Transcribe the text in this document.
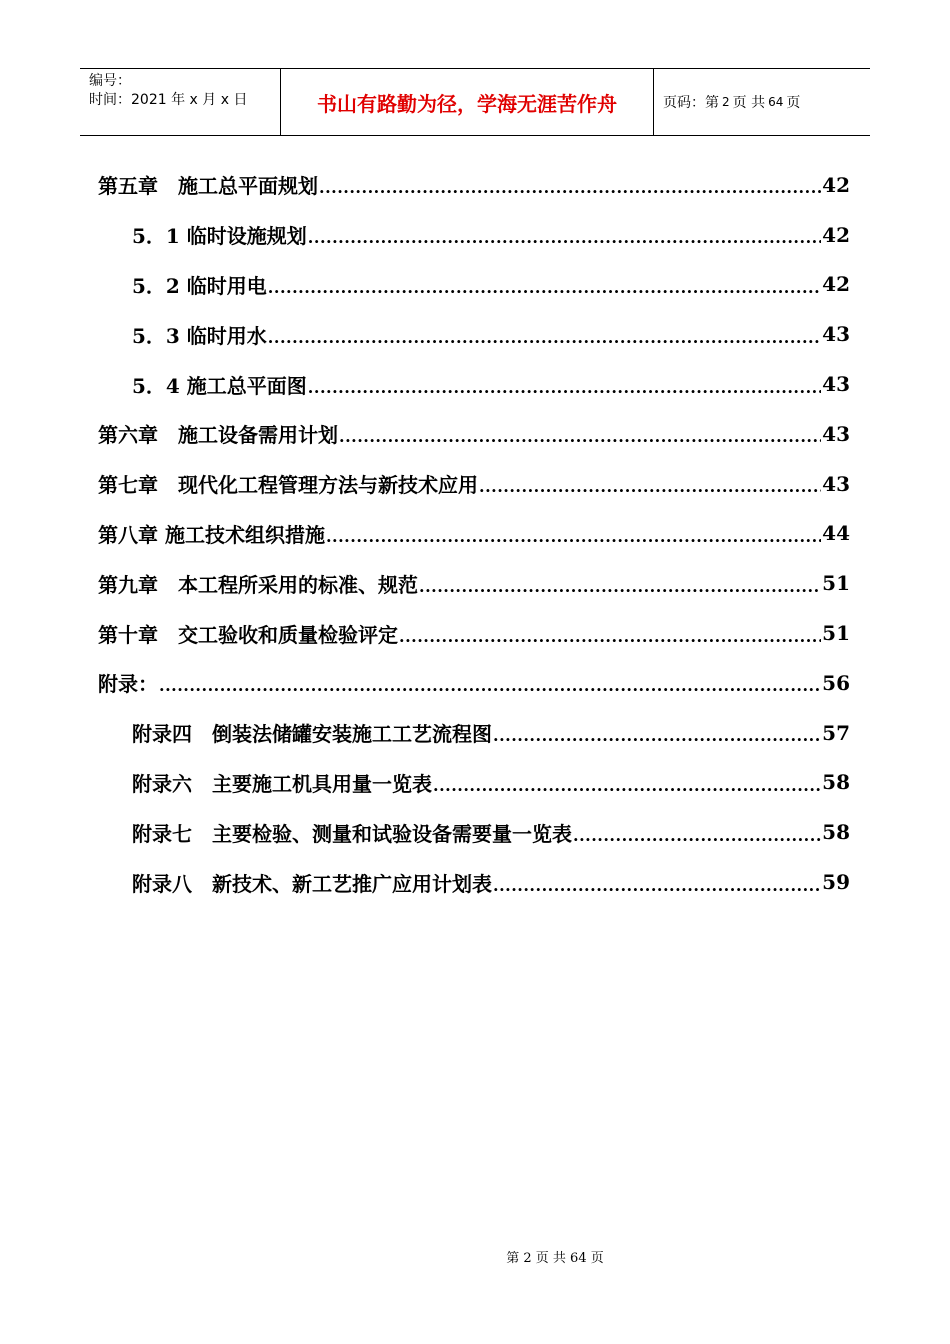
编号：
时间：2021 年 x 月 x 日	书山有路勤为径，学海无涯苦作舟	页码：第 2 页 共 64 页
第五章　施工总平面规划 .....	42
5．1 临时设施规划 .....	42
5．2 临时用电 .....	42
5．3 临时用水 .....	43
5．4 施工总平面图 .....	43
第六章　施工设备需用计划 .....	43
第七章　现代化工程管理方法与新技术应用 .....	43
第八章 施工技术组织措施 .....	44
第九章　本工程所采用的标准、规范 .....	51
第十章　交工验收和质量检验评定 .....	51
附录： .....	56
附录四　倒装法储罐安装施工工艺流程图 .....	57
附录六　主要施工机具用量一览表 .....	58
附录七　主要检验、测量和试验设备需要量一览表 .....	58
附录八　新技术、新工艺推广应用计划表 .....	59
第 2 页 共 64 页
